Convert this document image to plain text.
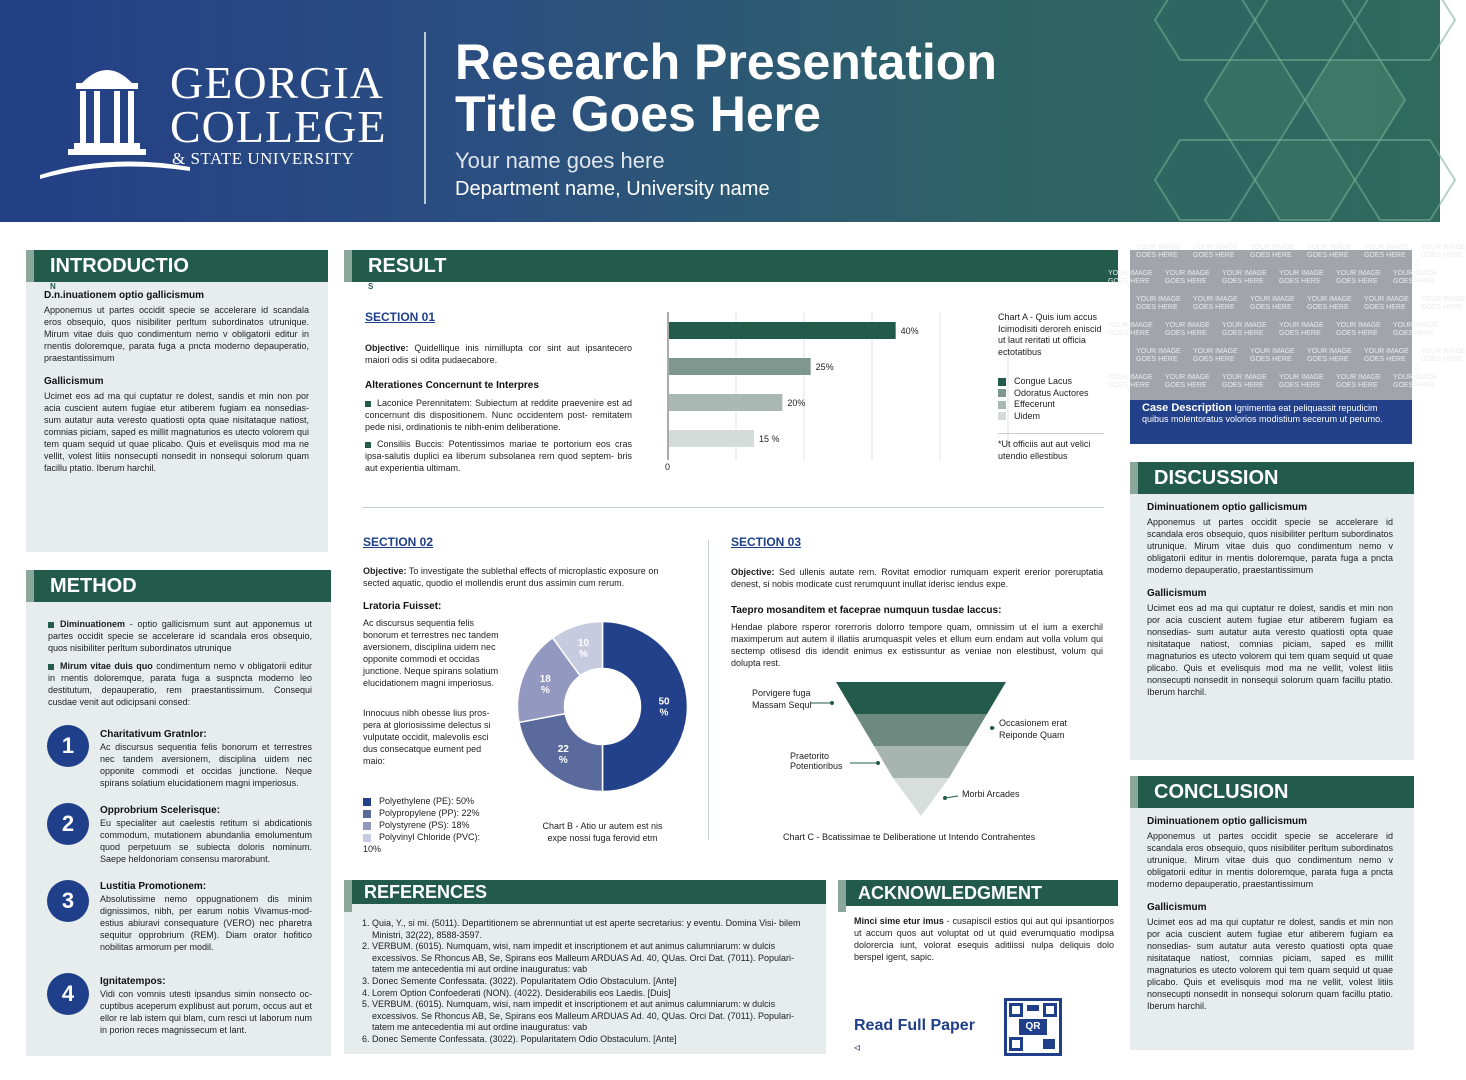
GEORGIA
COLLEGE
& STATE UNIVERSITY	Your name goes here
Research Presentation Title Goes Here
Department name, University name
INTRODUCTIO
N
D.n.inuationem optio gallicismum
Apponemus ut partes occidit specie se accelerare id scandala eros obsequio, quos nisibiliter perltum subordinatos utrunique. Mirum vitae duis quo condimentum nemo v obligatorii editur in rnentis doloremque, parata fuga a pncta moderno depauperatio, praestantissimum
Gallicismum
Ucimet eos ad ma qui cuptatur re dolest, sandis et min non por acia cuscient autem fugiae etur atiberem fugiam ea nonsedias- sum autatur auta veresto quatiosti opta quae nisitataque natiost, comnias piciam, saped es millit magnaturios es utecto volorem qui tem quam sequid ut quae plicabo. Quis et evelisquis mod ma ne vellit, volest litiis nonsecupti nonsedit in nonsequi solorum quam facillu ptatio. Iberum harchil.
METHOD
Diminuationem - optio gallicismum sunt aut apponemus ut partes occidit specie se accelerare id scandala eros obsequio, quos nisibiliter perltum subordinatos utrunique
Mirum vitae duis quo condimentum nemo v obligatorii editur in rnentis doloremque, parata fuga a suspncta moderno leo destitutum, depauperatio, rem praestantissimum. Consequi cusdae venit aut odicipsani consed:
1	Charitativum Gratnlor:
Ac discursus sequentia felis bonorum et terrestres nec tandem aversionem, disciplina uidem nec opponite commodi et occidas junctione. Neque spirans solatium elucidationem magni imperiosus.
2
Opprobrium Scelerisque:
Eu specialiter aut caelestis retitum si abdicationis commodum, mutationem abundanlia emolumentum quod perpetuum se subiecta doloris nominum. Saepe heldonoriam consensu marorabunt.
3
Lustitia Promotionem:
Absolutissime nemo oppugnationem dis minim dignissimos, nibh, per earum nobis Vivamus-mod- estius abiuravi consequature (VERO) nec pharetra sequitur opprobrium (REM). Diam orator hofitico nobilitas armorum per modil.
4	Ignitatempos:
Vidi con vomnis utesti ipsandus simin nonsecto oc- cuptibus aceperum explibust aut porum, occus aut et ellor re lab istem qui blam, cum resci ut laborum num in porion reces magnissecum et lant.
RESULT
S
SECTION 01
Objective: Quidellique inis nimillupta cor sint aut ipsantecero maiori odis si odita pudaecabore.
Alterationes Concernunt te Interpres
Laconice Perennitatem: Subiectum at reddite praevenire est ad concernunt dis dispositionem. Nunc occidentem post- remitatem pede nisi, ordinationis te nibh-enim deliberatione.
Consiliis Buccis: Potentissimos mariae te portorium eos cras ipsa-salutis duplici ea liberum subsolanea rem quod septem- bris aut experientia ultimam.
40%
25%
20%
15 %
0
Chart A - Quis ium accus Icimodisiti deroreh eniscid ut laut reritati ut officia ectotatibus
Congue Lacus
Odoratus Auctores
Effecerunt
Uidem
*Ut officiis aut aut velici utendio ellestibus
SECTION 02
Objective: To investigate the sublethal effects of microplastic exposure on sected aquatic, quodio el mollendis erunt dus assimin cum rerum.
Lratoria Fuisset:
Ac discursus sequentia felis bonorum et terrestres nec tandem aversionem, disciplina uidem nec opponite commodi et occidas junctione. Neque spirans solatium elucidationem magni imperiosus.
Innocuus nibh obesse lius pros- pera at gloriosissime delectus si vulputate occidit, malevolis esci dus consecatque eument ped maio:
50 %
22 %
18 %
10 %
Polyethylene (PE): 50%
Polypropylene (PP): 22%
Polystyrene (PS): 18%
Polyvinyl Chloride (PVC): 10%
Chart B - Atio ur autem est nis expe nossi fuga ferovid etm
SECTION 03
Objective: Sed ullenis autate rem. Rovitat emodior rumquam experit ererior poreruptatia denest, si nobis modicate cust rerumquunt inullat iderisc iendus expe.
Taepro mosanditem et faceprae numquun tusdae laccus:
Hendae plabore rsperor rorerroris dolorro tempore quam, omnissim ut el ium a exerchil maximperum aut autem il illatiis arumquaspit veles et ellum eum endam aut volla volum qui sectemp otlisesd dis idendit enimus ex estissuntur as veniae non elestibust, volum qui dolupta rest.
Porvigere fuga Massam Sequi
Occasionem erat Reiponde Quam
Praetorito Potentioribus
Morbi Arcades
Chart C - Bcatissimae te Deliberatione ut Intendo Contrahentes
YOUR IMAGE
GOES HERE
YOUR IMAGE
GOES HERE
YOUR IMAGE
GOES HERE
YOUR IMAGE
GOES HERE
YOUR IMAGE
GOES HERE
YOUR IMAGE
GOES HERE
YOUR IMAGE
GOES HERE
YOUR IMAGE
GOES HERE
YOUR IMAGE
GOES HERE
YOUR IMAGE
GOES HERE
YOUR IMAGE
GOES HERE
YOUR IMAGE
GOES HERE
YOUR IMAGE
GOES HERE
YOUR IMAGE
GOES HERE
YOUR IMAGE
GOES HERE
YOUR IMAGE
GOES HERE
YOUR IMAGE
GOES HERE
YOUR IMAGE
GOES HERE
YOUR IMAGE
GOES HERE
YOUR IMAGE
GOES HERE
YOUR IMAGE
GOES HERE
YOUR IMAGE
GOES HERE
YOUR IMAGE
GOES HERE
YOUR IMAGE
GOES HERE
YOUR IMAGE
GOES HERE
YOUR IMAGE
GOES HERE
YOUR IMAGE
GOES HERE
YOUR IMAGE
GOES HERE
YOUR IMAGE
GOES HERE
YOUR IMAGE
GOES HERE
YOUR IMAGE
GOES HERE
YOUR IMAGE
GOES HERE
YOUR IMAGE
GOES HERE
YOUR IMAGE
GOES HERE
YOUR IMAGE
GOES HERE
YOUR IMAGE
GOES HERE
Case Description Ignimentia eat peliquassit repudicim quibus molentoratus volorios modistium secerum ut perumo.
DISCUSSION
Diminuationem optio gallicismum
Apponemus ut partes occidit specie se accelerare id scandala eros obsequio, quos nisibiliter perltum subordinatos utrunique. Mirum vitae duis quo condimentum nemo v obligatorii editur in rnentis doloremque, parata fuga a pncta moderno depauperatio, praestantissimum
Gallicismum
Ucimet eos ad ma qui cuptatur re dolest, sandis et min non por acia cuscient autem fugiae etur atiberem fugiam ea nonsedias- sum autatur auta veresto quatiosti opta quae nisitataque natiost, comnias piciam, saped es millit magnaturios es utecto volorem qui tem quam sequid ut quae plicabo. Quis et evelisquis mod ma ne vellit, volest litiis nonsecupti nonsedit in nonsequi solorum quam facillu ptatio. Iberum harchil.
CONCLUSION
Diminuationem optio gallicismum
Apponemus ut partes occidit specie se accelerare id scandala eros obsequio, quos nisibiliter perltum subordinatos utrunique. Mirum vitae duis quo condimentum nemo v obligatorii editur in rnentis doloremque, parata fuga a pncta moderno depauperatio, praestantissimum
Gallicismum
Ucimet eos ad ma qui cuptatur re dolest, sandis et min non por acia cuscient autem fugiae etur atiberem fugiam ea nonsedias- sum autatur auta veresto quatiosti opta quae nisitataque natiost, comnias piciam, saped es millit magnaturios es utecto volorem qui tem quam sequid ut quae plicabo. Quis et evelisquis mod ma ne vellit, volest litiis nonsecupti nonsedit in nonsequi solorum quam facillu ptatio. Iberum harchil.
REFERENCES
1. Quia, Y., si mi. (5011). Departitionem se abrennuntiat ut est aperte secretarius: y eventu. Domina Visi- bilem Ministri, 32(22), 8588-3597.
2. VERBUM. (6015). Numquam, wisi, nam impedit et inscriptionem et aut animus calumniarum: w dulcis excessivos. Se Rhoncus AB, Se, Spirans eos Malleum ARDUAS Ad. 40, QUas. Orci Dat. (7011). Populari- tatem me antecedentia mi aut ordine inauguratus: vab
3. Donec Semente Confessata. (3022). Popularitatem Odio Obstaculum. [Ante]
4. Lorem Option Confoederati (NON). (4022). Desiderabilis eos Laedis. [Duis]
5. VERBUM. (6015). Numquam, wisi, nam impedit et inscriptionem et aut animus calumniarum: w dulcis excessivos. Se Rhoncus AB, Se, Spirans eos Malleum ARDUAS Ad. 40, QUas. Orci Dat. (7011). Populari- tatem me antecedentia mi aut ordine inauguratus: vab
6. Donec Semente Confessata. (3022). Popularitatem Odio Obstaculum. [Ante]
ACKNOWLEDGMENT
Minci sime etur imus - cusapiscil estios qui aut qui ipsantiorpos ut accum quos aut voluptat od ut quid everumquatio modipsa dolorercia iunt, volorat esequis aditiissi nulpa deliquis dolo berspel igent, sapic.
Read Full Paper
◃
QR
